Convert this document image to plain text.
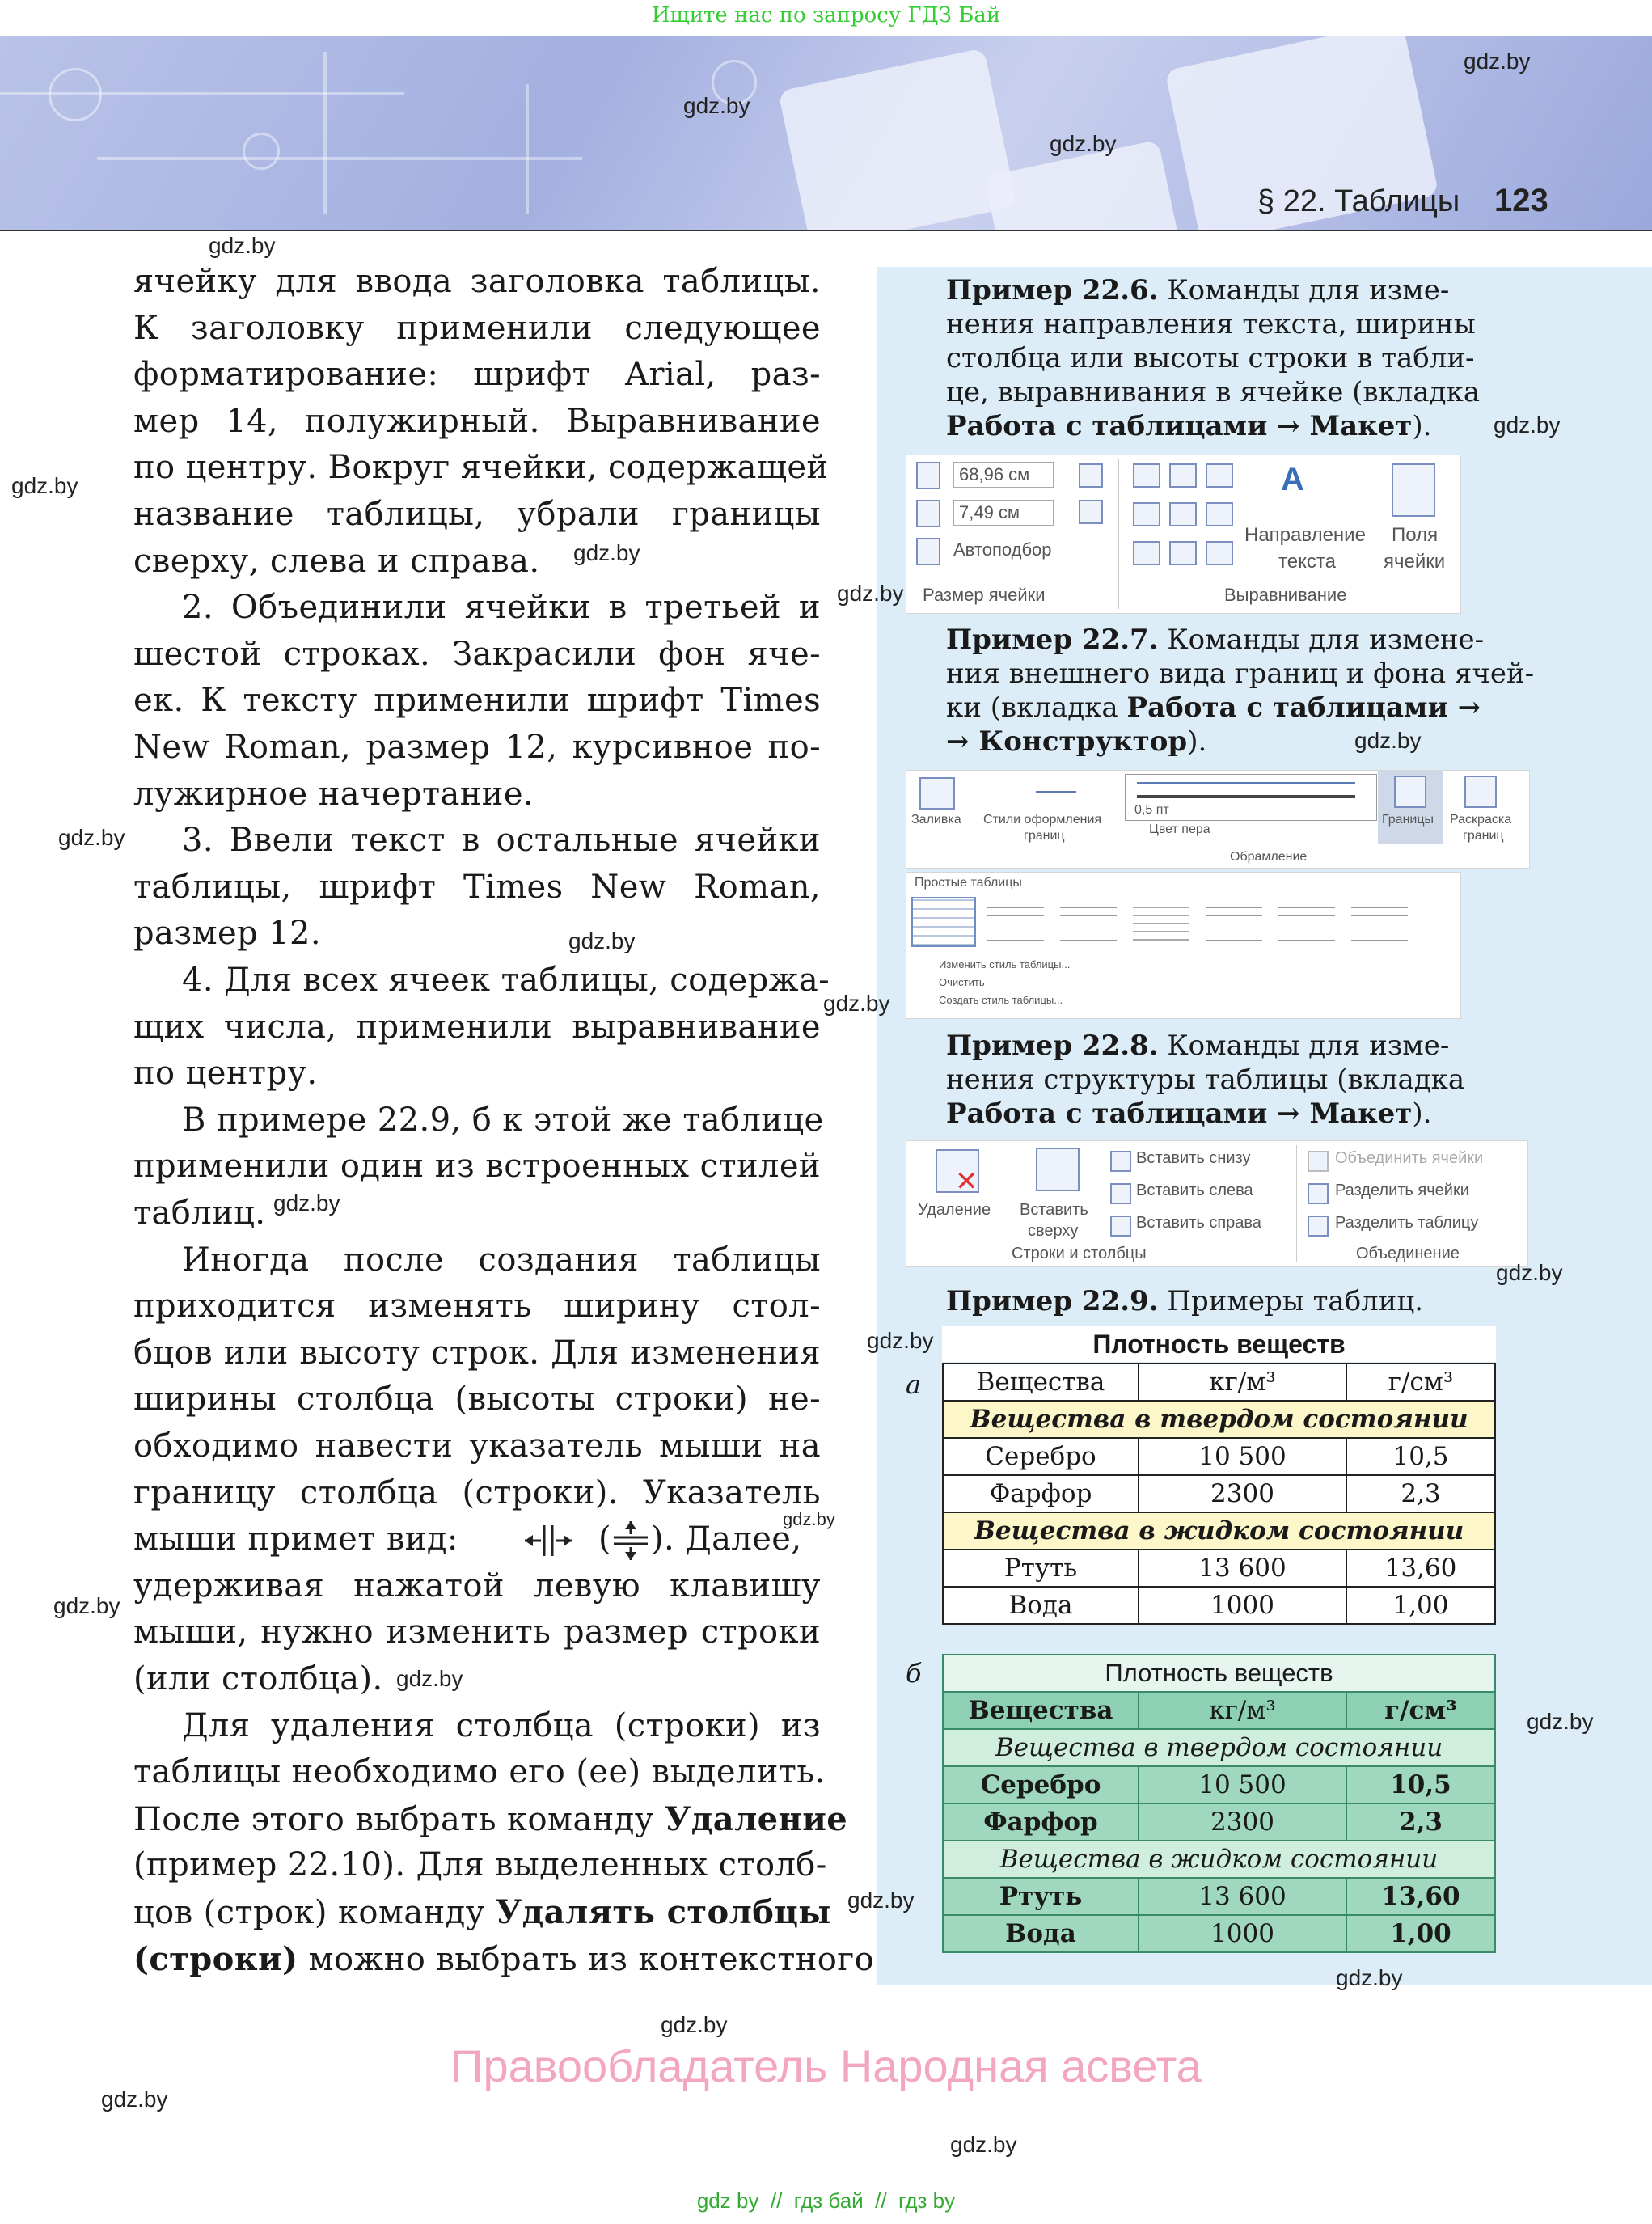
Ищите нас по запросу ГДЗ Бай
§ 22. Таблицы 123
ячейку для ввода заголовка таблицы.
К заголовку применили следующее
форматирование: шрифт Arial, раз-
мер 14, полужирный. Выравнивание
по центру. Вокруг ячейки, содержащей
название таблицы, убрали границы
сверху, слева и справа.
2. Объединили ячейки в третьей и
шестой строках. Закрасили фон яче-
ек. К тексту применили шрифт Times
New Roman, размер 12, курсивное по-
лужирное начертание.
3. Ввели текст в остальные ячейки
таблицы, шрифт Times New Roman,
размер 12.
4. Для всех ячеек таблицы, содержа-
щих числа, применили выравнивание
по центру.
В примере 22.9, б к этой же таблице
применили один из встроенных стилей
таблиц.
Иногда после создания таблицы
приходится изменять ширину стол-
бцов или высоту строк. Для изменения
ширины столбца (высоты строки) не-
обходимо навести указатель мыши на
границу столбца (строки). Указатель
мыши примет вид:	( ). Далее,
удерживая нажатой левую клавишу
мыши, нужно изменить размер строки
(или столбца).
Для удаления столбца (строки) из
таблицы необходимо его (ее) выделить.
После этого выбрать команду Удаление
(пример 22.10). Для выделенных столб-
цов (строк) команду Удалять столбцы
(строки) можно выбрать из контекстного
Пример 22.6. Команды для изме-
нения направления текста, ширины
столбца или высоты строки в табли-
це, выравнивания в ячейке (вкладка
Работа с таблицами → Макет).
68,96 см
7,49 см
Автоподбор
Размер ячейки
A
Направление
текста
Поля
ячейки
Выравнивание
Пример 22.7. Команды для измене-
ния внешнего вида границ и фона ячей-
ки (вкладка Работа с таблицами →
→ Конструктор).
Заливка Стили оформления
границ
0,5 пт
Цвет пера
Границы Раскраска
границ
Обрамление
Простые таблицы
Изменить стиль таблицы...
Очистить
Создать стиль таблицы...
Пример 22.8. Команды для изме-
нения структуры таблицы (вкладка
Работа с таблицами → Макет).
✕
Удаление Вставить
сверху
Вставить снизу
Вставить слева
Вставить справа
Строки и столбцы
Объединить ячейки
Разделить ячейки
Разделить таблицу
Объединение
Пример 22.9. Примеры таблиц.
Плотность веществ
а Вещества	кг/м³	г/см³
Вещества в твердом состоянии		
Серебро	10 500	10,5
Фарфор	2300	2,3
Вещества в жидком состоянии		
Ртуть	13 600	13,60
Вода	1000	1,00
б	Плотность веществ		
Вещества	кг/м³	г/см³
Вещества в твердом состоянии		
Серебро	10 500	10,5
Фарфор	2300	2,3
Вещества в жидком состоянии		
Ртуть	13 600	13,60
Вода	1000	1,00
gdz.by
gdz.by
gdz.by
gdz.by
gdz.by
gdz.by
gdz.by
gdz.by
gdz.by
gdz.by
gdz.by
gdz.by
gdz.by
gdz.by
gdz.by
gdz.by
gdz.by
gdz.by
gdz.by
gdz.by
gdz.by
gdz.by
gdz.by
gdz.by
Правообладатель Народная асвета
gdz by  //  гдз бай  //  гдз by
